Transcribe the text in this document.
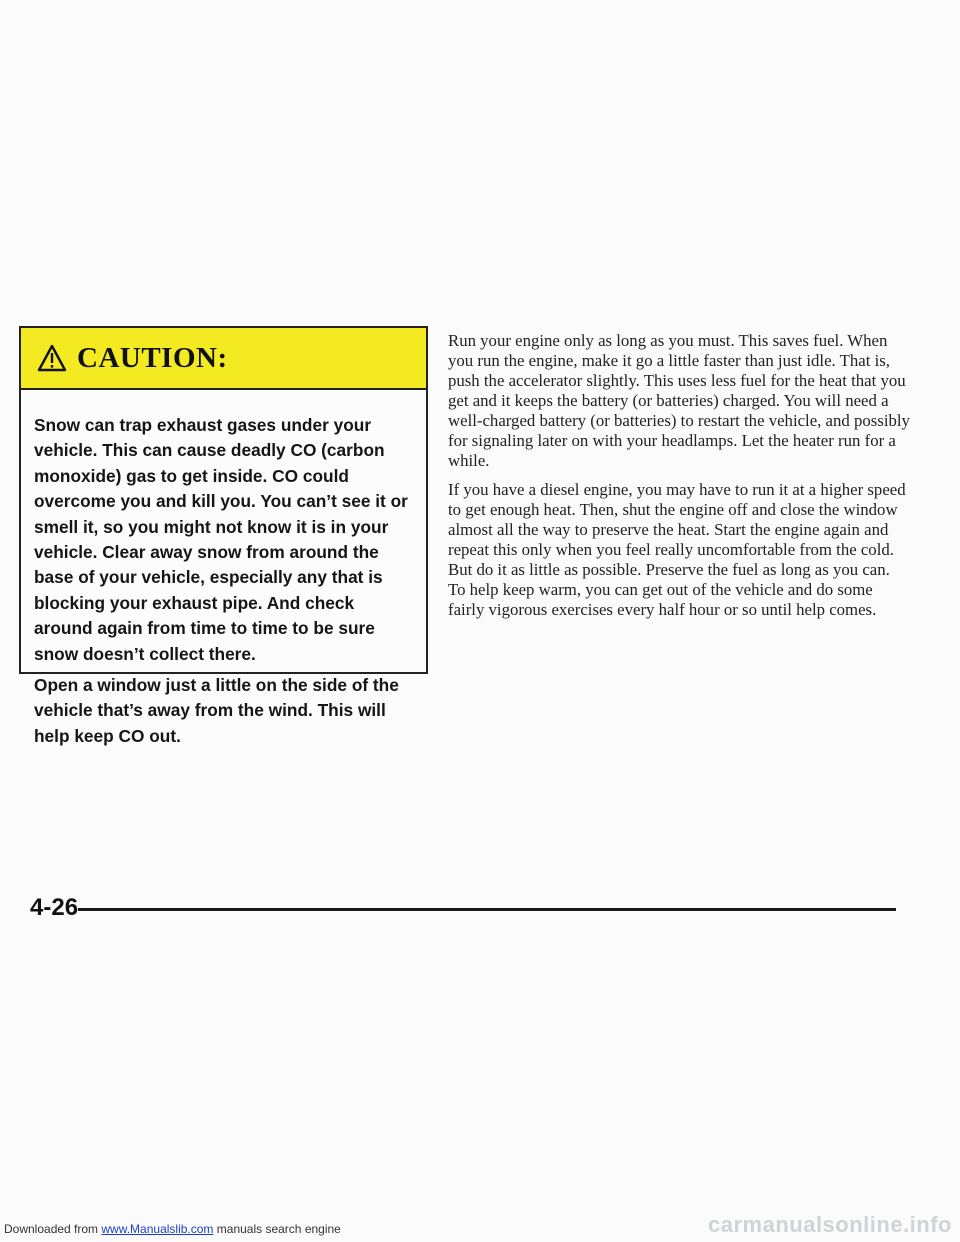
CAUTION:

Snow can trap exhaust gases under your vehicle. This can cause deadly CO (carbon monoxide) gas to get inside. CO could overcome you and kill you. You can’t see it or smell it, so you might not know it is in your vehicle. Clear away snow from around the base of your vehicle, especially any that is blocking your exhaust pipe. And check around again from time to time to be sure snow doesn’t collect there.

Open a window just a little on the side of the vehicle that’s away from the wind. This will help keep CO out.

Run your engine only as long as you must. This saves fuel. When you run the engine, make it go a little faster than just idle. That is, push the accelerator slightly. This uses less fuel for the heat that you get and it keeps the battery (or batteries) charged. You will need a well-charged battery (or batteries) to restart the vehicle, and possibly for signaling later on with your headlamps. Let the heater run for a while.

If you have a diesel engine, you may have to run it at a higher speed to get enough heat. Then, shut the engine off and close the window almost all the way to preserve the heat. Start the engine again and repeat this only when you feel really uncomfortable from the cold. But do it as little as possible. Preserve the fuel as long as you can. To help keep warm, you can get out of the vehicle and do some fairly vigorous exercises every half hour or so until help comes.

4-26
Downloaded from www.Manualslib.com manuals search engine	carmanualsonline.info
